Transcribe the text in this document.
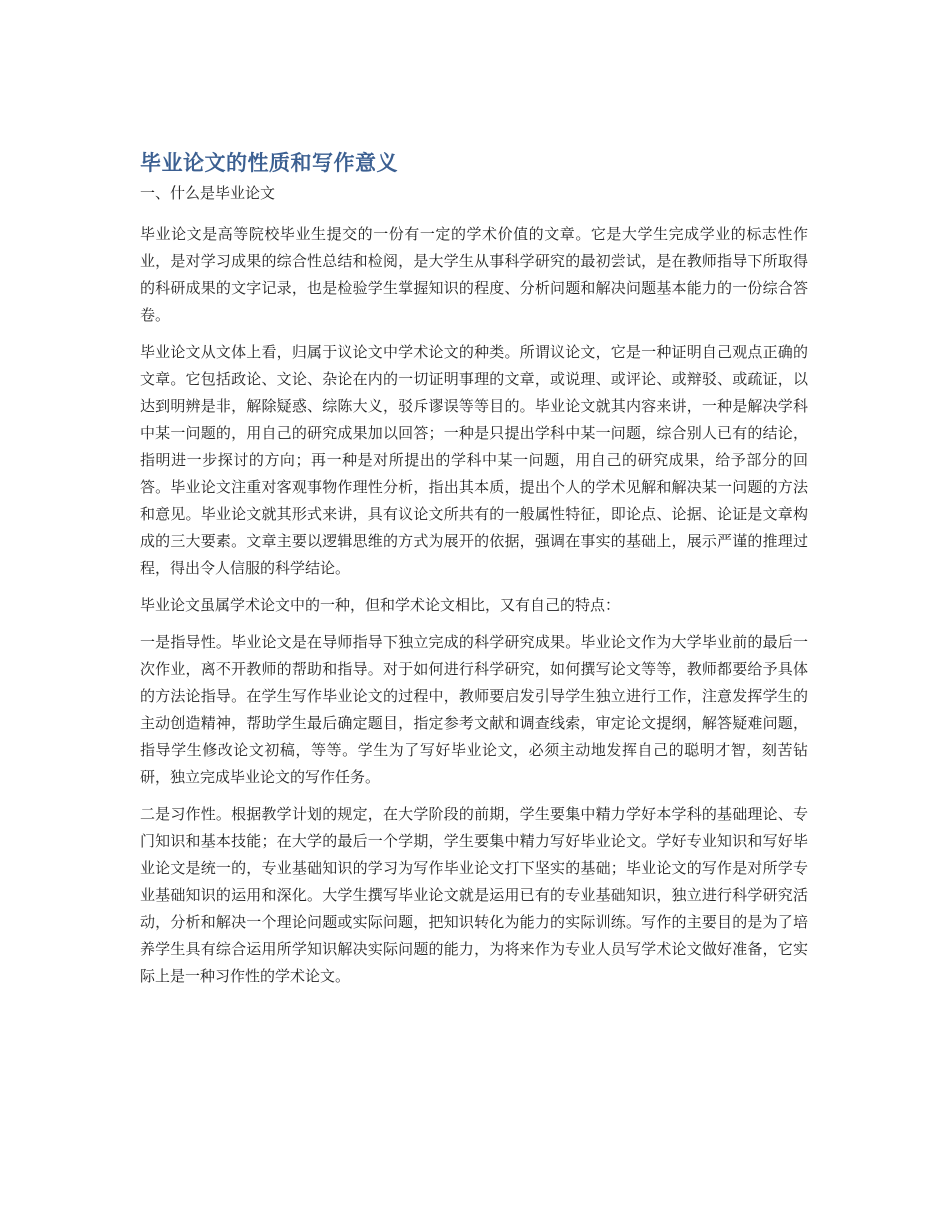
毕业论文的性质和写作意义

一、什么是毕业论文

毕业论文是高等院校毕业生提交的一份有一定的学术价值的文章。它是大学生完成学业的标志性作业，是对学习成果的综合性总结和检阅，是大学生从事科学研究的最初尝试，是在教师指导下所取得的科研成果的文字记录，也是检验学生掌握知识的程度、分析问题和解决问题基本能力的一份综合答卷。

毕业论文从文体上看，归属于议论文中学术论文的种类。所谓议论文，它是一种证明自己观点正确的文章。它包括政论、文论、杂论在内的一切证明事理的文章，或说理、或评论、或辩驳、或疏证，以达到明辨是非，解除疑惑、综陈大义，驳斥谬误等等目的。毕业论文就其内容来讲，一种是解决学科中某一问题的，用自己的研究成果加以回答；一种是只提出学科中某一问题，综合别人已有的结论，指明进一步探讨的方向；再一种是对所提出的学科中某一问题，用自己的研究成果，给予部分的回答。毕业论文注重对客观事物作理性分析，指出其本质，提出个人的学术见解和解决某一问题的方法和意见。毕业论文就其形式来讲，具有议论文所共有的一般属性特征，即论点、论据、论证是文章构成的三大要素。文章主要以逻辑思维的方式为展开的依据，强调在事实的基础上，展示严谨的推理过程，得出令人信服的科学结论。

毕业论文虽属学术论文中的一种，但和学术论文相比，又有自己的特点：

一是指导性。毕业论文是在导师指导下独立完成的科学研究成果。毕业论文作为大学毕业前的最后一次作业，离不开教师的帮助和指导。对于如何进行科学研究，如何撰写论文等等，教师都要给予具体的方法论指导。在学生写作毕业论文的过程中，教师要启发引导学生独立进行工作，注意发挥学生的主动创造精神，帮助学生最后确定题目，指定参考文献和调查线索，审定论文提纲，解答疑难问题，指导学生修改论文初稿，等等。学生为了写好毕业论文，必须主动地发挥自己的聪明才智，刻苦钻研，独立完成毕业论文的写作任务。

二是习作性。根据教学计划的规定，在大学阶段的前期，学生要集中精力学好本学科的基础理论、专门知识和基本技能；在大学的最后一个学期，学生要集中精力写好毕业论文。学好专业知识和写好毕业论文是统一的，专业基础知识的学习为写作毕业论文打下坚实的基础；毕业论文的写作是对所学专业基础知识的运用和深化。大学生撰写毕业论文就是运用已有的专业基础知识，独立进行科学研究活动，分析和解决一个理论问题或实际问题，把知识转化为能力的实际训练。写作的主要目的是为了培养学生具有综合运用所学知识解决实际问题的能力，为将来作为专业人员写学术论文做好准备，它实际上是一种习作性的学术论文。
